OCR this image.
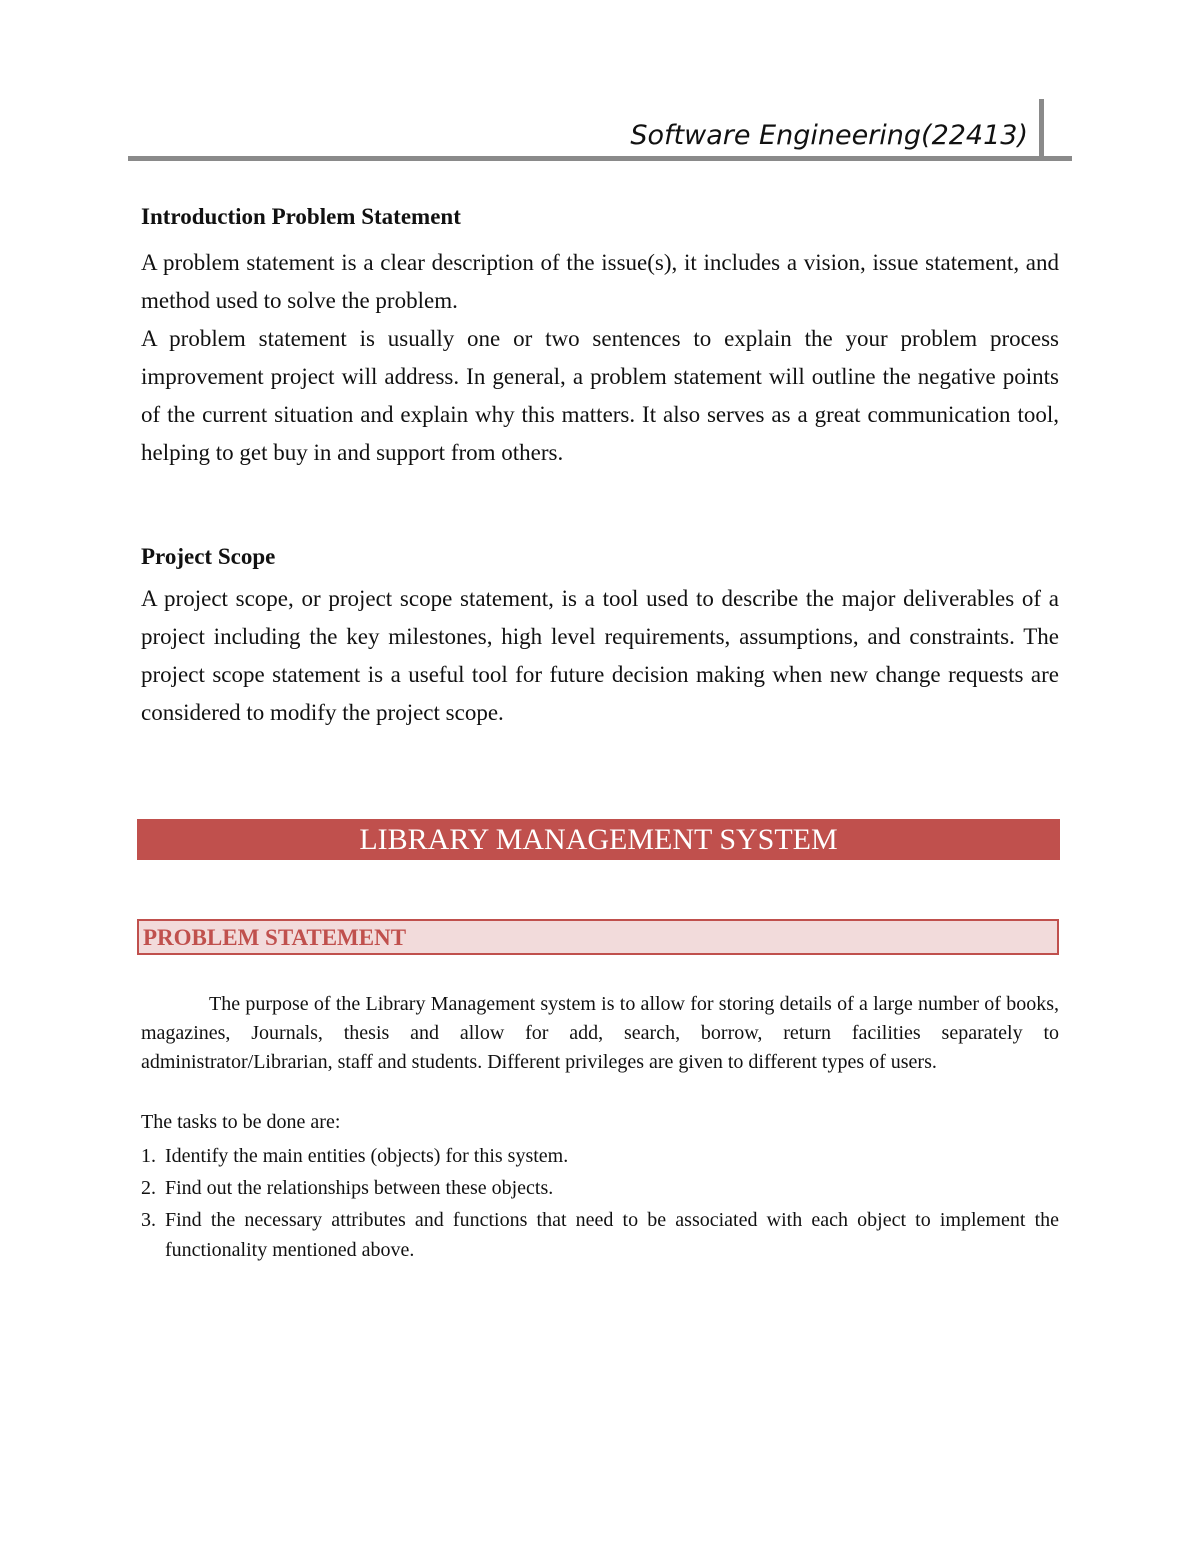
Software Engineering(22413)
Introduction Problem Statement

A problem statement is a clear description of the issue(s), it includes a vision, issue statement, and method used to solve the problem.

A problem statement is usually one or two sentences to explain the your problem process improvement project will address. In general, a problem statement will outline the negative points of the current situation and explain why this matters. It also serves as a great communication tool, helping to get buy in and support from others.

Project Scope

A project scope, or project scope statement, is a tool used to describe the major deliverables of a project including the key milestones, high level requirements, assumptions, and constraints. The project scope statement is a useful tool for future decision making when new change requests are considered to modify the project scope.

LIBRARY MANAGEMENT SYSTEM
PROBLEM STATEMENT

The purpose of the Library Management system is to allow for storing details of a large number of books, magazines, Journals, thesis and allow for add, search, borrow, return facilities separately to administrator/Librarian, staff and students. Different privileges are given to different types of users.

The tasks to be done are:

1. Identify the main entities (objects) for this system.
2. Find out the relationships between these objects.
3. Find the necessary attributes and functions that need to be associated with each object to implement the functionality mentioned above.
